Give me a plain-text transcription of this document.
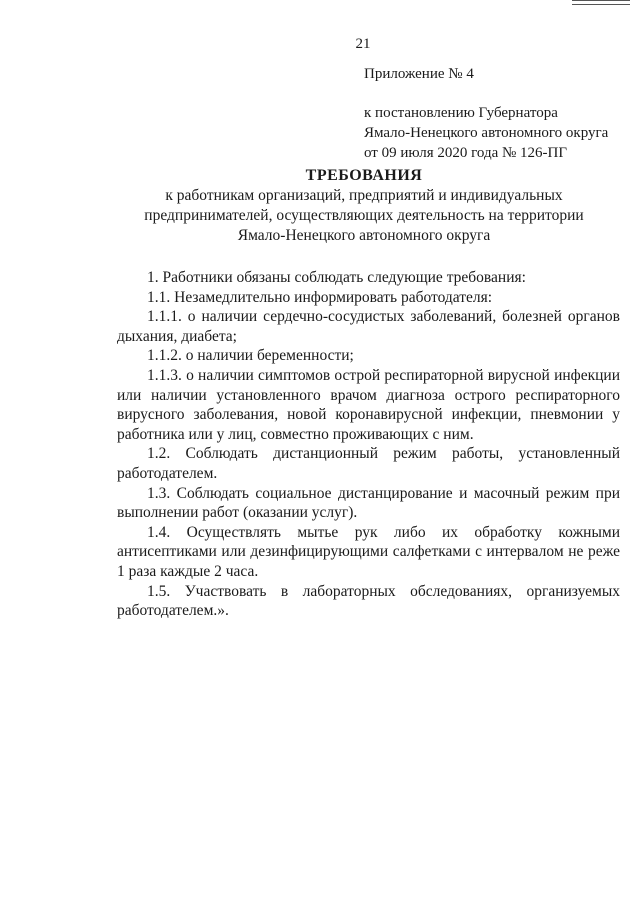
21
Приложение № 4
к постановлению Губернатора
Ямало-Ненецкого автономного округа
от 09 июля 2020 года № 126-ПГ
ТРЕБОВАНИЯ
к работникам организаций, предприятий и индивидуальных
предпринимателей, осуществляющих деятельность на территории
Ямало-Ненецкого автономного округа

1. Работники обязаны соблюдать следующие требования:

1.1. Незамедлительно информировать работодателя:

1.1.1. о наличии сердечно-сосудистых заболеваний, болезней органов дыхания, диабета;

1.1.2. о наличии беременности;

1.1.3. о наличии симптомов острой респираторной вирусной инфекции или наличии установленного врачом диагноза острого респираторного вирусного заболевания, новой коронавирусной инфекции, пневмонии у работника или у лиц, совместно проживающих с ним.

1.2. Соблюдать дистанционный режим работы, установленный работодателем.

1.3. Соблюдать социальное дистанцирование и масочный режим при выполнении работ (оказании услуг).

1.4. Осуществлять мытье рук либо их обработку кожными антисептиками или дезинфицирующими салфетками с интервалом не реже 1 раза каждые 2 часа.

1.5. Участвовать в лабораторных обследованиях, организуемых работодателем.».
